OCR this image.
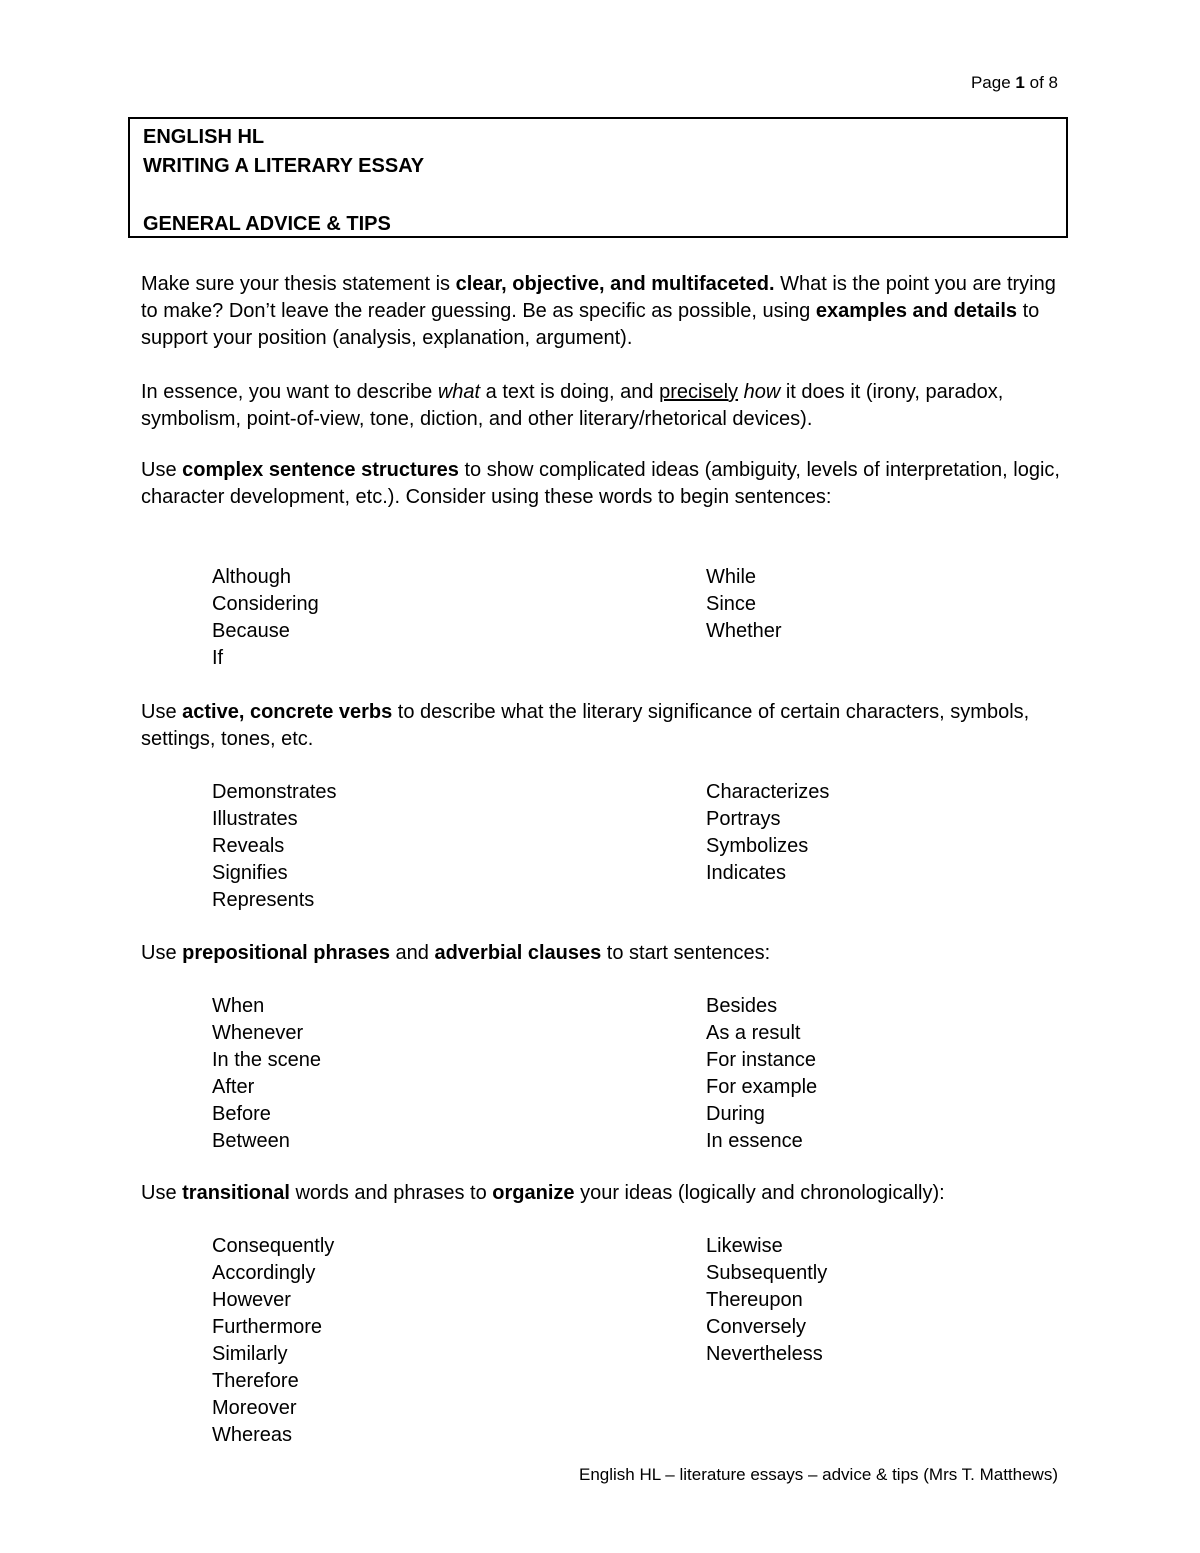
Page 1 of 8
ENGLISH HL
WRITING A LITERARY ESSAY
GENERAL ADVICE & TIPS

Make sure your thesis statement is clear, objective, and multifaceted. What is the point you are trying to make? Don’t leave the reader guessing. Be as specific as possible, using examples and details to support your position (analysis, explanation, argument).

In essence, you want to describe what a text is doing, and precisely how it does it (irony, paradox, symbolism, point-of-view, tone, diction, and other literary/rhetorical devices).

Use complex sentence structures to show complicated ideas (ambiguity, levels of interpretation, logic, character development, etc.). Consider using these words to begin sentences:

Although
Considering
Because
If
While
Since
Whether

Use active, concrete verbs to describe what the literary significance of certain characters, symbols, settings, tones, etc.

Demonstrates
Illustrates
Reveals
Signifies
Represents
Characterizes
Portrays
Symbolizes
Indicates

Use prepositional phrases and adverbial clauses to start sentences:

When
Whenever
In the scene
After
Before
Between
Besides
As a result
For instance
For example
During
In essence

Use transitional words and phrases to organize your ideas (logically and chronologically):

Consequently
Accordingly
However
Furthermore
Similarly
Therefore
Moreover
Whereas
Likewise
Subsequently
Thereupon
Conversely
Nevertheless
English HL – literature essays – advice & tips (Mrs T. Matthews)
